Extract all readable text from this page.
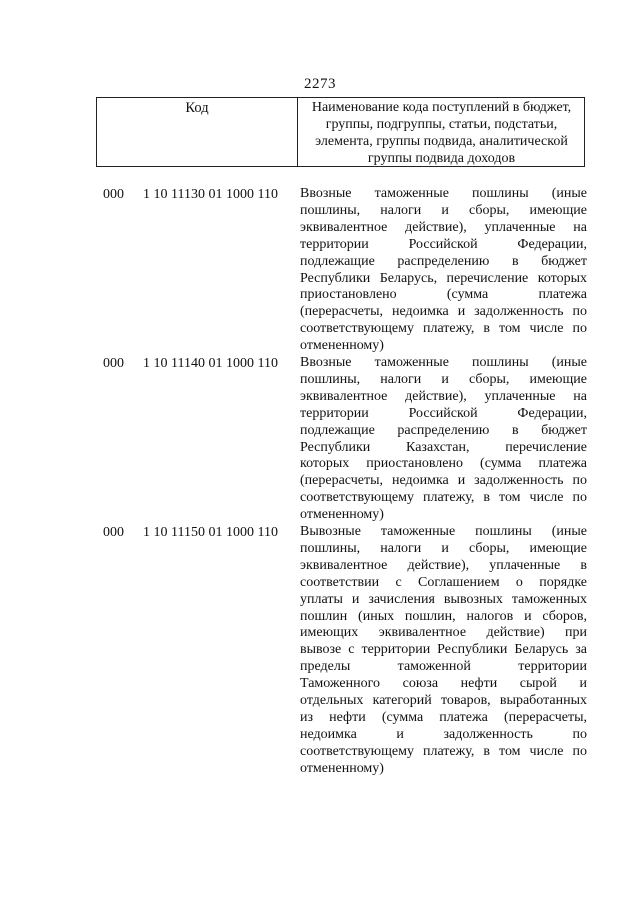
2273
Код	Наименование кода поступлений в бюджет,
группы, подгруппы, статьи, подстатьи,
элемента, группы подвида, аналитической
группы подвида доходов
000 1 10 11130 01 1000 110 Ввозные таможенные пошлины (иные
пошлины, налоги и сборы, имеющие
эквивалентное действие), уплаченные на
территории Российской Федерации,
подлежащие распределению в бюджет
Республики Беларусь, перечисление которых
приостановлено (сумма платежа
(перерасчеты, недоимка и задолженность по
соответствующему платежу, в том числе по
отмененному)
000 1 10 11140 01 1000 110 Ввозные таможенные пошлины (иные
пошлины, налоги и сборы, имеющие
эквивалентное действие), уплаченные на
территории Российской Федерации,
подлежащие распределению в бюджет
Республики Казахстан, перечисление
которых приостановлено (сумма платежа
(перерасчеты, недоимка и задолженность по
соответствующему платежу, в том числе по
отмененному)
000 1 10 11150 01 1000 110 Вывозные таможенные пошлины (иные
пошлины, налоги и сборы, имеющие
эквивалентное действие), уплаченные в
соответствии с Соглашением о порядке
уплаты и зачисления вывозных таможенных
пошлин (иных пошлин, налогов и сборов,
имеющих эквивалентное действие) при
вывозе с территории Республики Беларусь за
пределы таможенной территории
Таможенного союза нефти сырой и
отдельных категорий товаров, выработанных
из нефти (сумма платежа (перерасчеты,
недоимка и задолженность по
соответствующему платежу, в том числе по
отмененному)
